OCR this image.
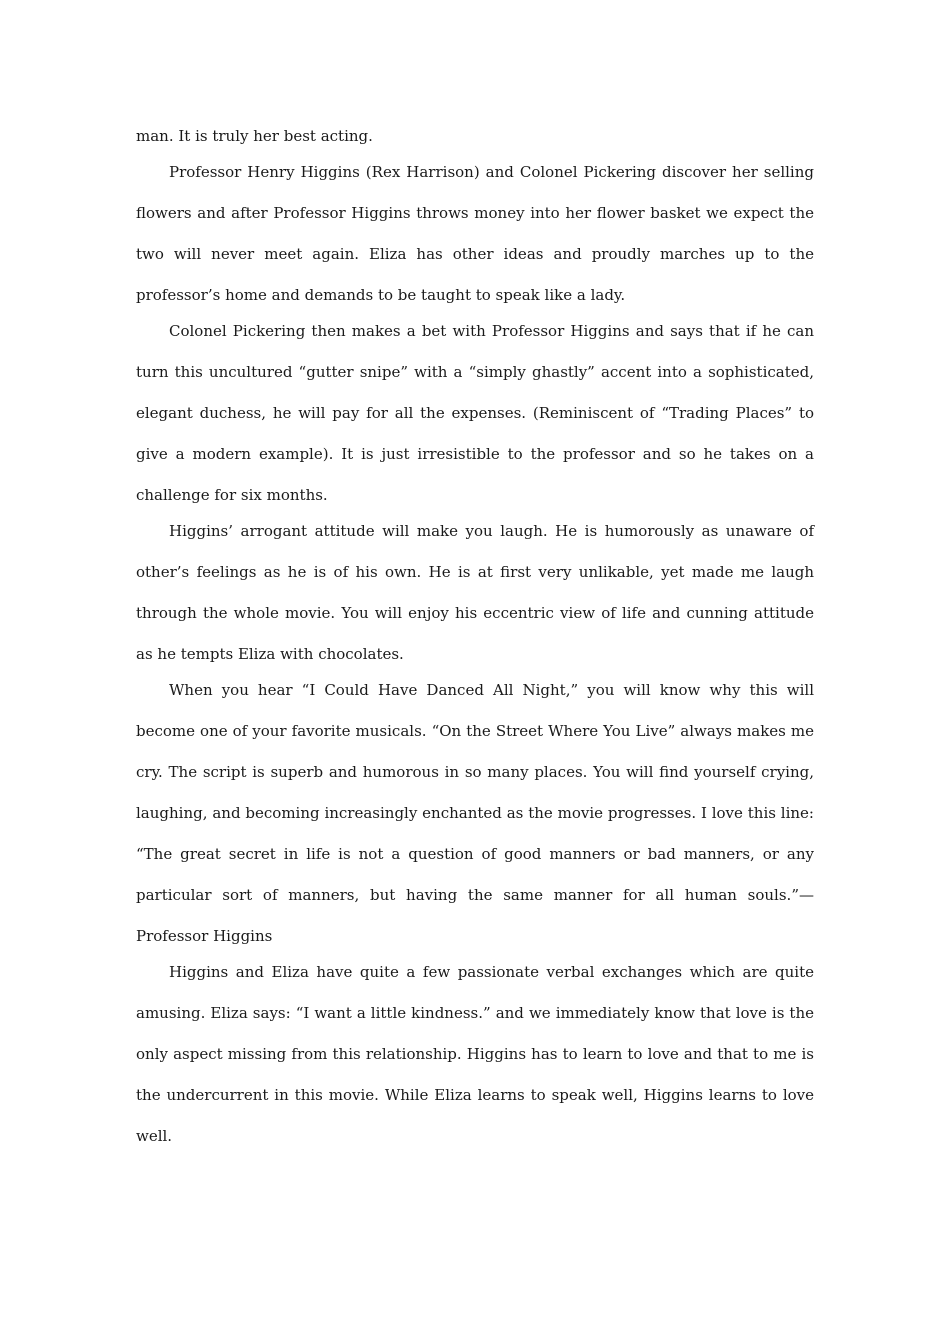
man. It is truly her best acting.

Professor Henry Higgins (Rex Harrison) and Colonel Pickering discover her selling flowers and after Professor Higgins throws money into her flower basket we expect the two will never meet again. Eliza has other ideas and proudly marches up to the professor’s home and demands to be taught to speak like a lady.

Colonel Pickering then makes a bet with Professor Higgins and says that if he can turn this uncultured “gutter snipe” with a “simply ghastly” accent into a sophisticated, elegant duchess, he will pay for all the expenses. (Reminiscent of “Trading Places” to give a modern example). It is just irresistible to the professor and so he takes on a challenge for six months.

Higgins’ arrogant attitude will make you laugh. He is humorously as unaware of other’s feelings as he is of his own. He is at first very unlikable, yet made me laugh through the whole movie. You will enjoy his eccentric view of life and cunning attitude as he tempts Eliza with chocolates.

When you hear “I Could Have Danced All Night,” you will know why this will become one of your favorite musicals. “On the Street Where You Live” always makes me cry. The script is superb and humorous in so many places. You will find yourself crying, laughing, and becoming increasingly enchanted as the movie progresses. I love this line: “The great secret in life is not a question of good manners or bad manners, or any particular sort of manners, but having the same manner for all human souls.”—Professor Higgins

Higgins and Eliza have quite a few passionate verbal exchanges which are quite amusing. Eliza says: “I want a little kindness.” and we immediately know that love is the only aspect missing from this relationship. Higgins has to learn to love and that to me is the undercurrent in this movie. While Eliza learns to speak well, Higgins learns to love well.
